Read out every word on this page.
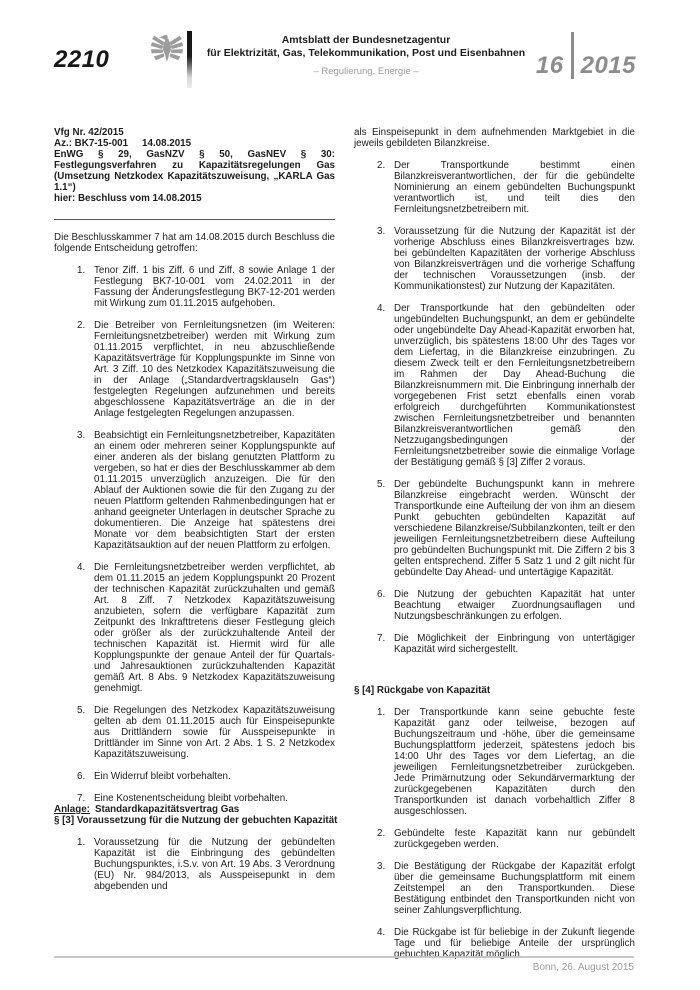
2210
Amtsblatt der Bundesnetzagentur
für Elektrizität, Gas, Telekommunikation, Post und Eisenbahnen
– Regulierung, Energie –	16 2015

Vfg Nr. 42/2015

Az.: BK7-15-001 14.08.2015

EnWG § 29, GasNZV § 50, GasNEV § 30: Festlegungsverfahren zu Kapazitätsregelungen Gas (Umsetzung Netzkodex Kapazitätszuweisung, „KARLA Gas 1.1“)

hier: Beschluss vom 14.08.2015

Die Beschlusskammer 7 hat am 14.08.2015 durch Beschluss die folgende Entscheidung getroffen:

1. Tenor Ziff. 1 bis Ziff. 6 und Ziff. 8 sowie Anlage 1 der Festlegung BK7-10-001 vom 24.02.2011 in der Fassung der Änderungsfestlegung BK7-12-201 werden mit Wirkung zum 01.11.2015 aufgehoben.
2. Die Betreiber von Fernleitungsnetzen (im Weiteren: Fernleitungsnetzbetreiber) werden mit Wirkung zum 01.11.2015 verpflichtet, in neu abzuschließende Kapazitätsverträge für Kopplungspunkte im Sinne von Art. 3 Ziff. 10 des Netzkodex Kapazitätszuweisung die in der Anlage („Standardvertragsklauseln Gas“) festgelegten Regelungen aufzunehmen und bereits abgeschlossene Kapazitätsverträge an die in der Anlage festgelegten Regelungen anzupassen.
3. Beabsichtigt ein Fernleitungsnetzbetreiber, Kapazitäten an einem oder mehreren seiner Kopplungspunkte auf einer anderen als der bislang genutzten Plattform zu vergeben, so hat er dies der Beschlusskammer ab dem 01.11.2015 unverzüglich anzuzeigen. Die für den Ablauf der Auktionen sowie die für den Zugang zu der neuen Plattform geltenden Rahmenbedingungen hat er anhand geeigneter Unterlagen in deutscher Sprache zu dokumentieren. Die Anzeige hat spätestens drei Monate vor dem beabsichtigten Start der ersten Kapazitätsauktion auf der neuen Plattform zu erfolgen.
4. Die Fernleitungsnetzbetreiber werden verpflichtet, ab dem 01.11.2015 an jedem Kopplungspunkt 20 Prozent der technischen Kapazität zurückzuhalten und gemäß Art. 8 Ziff. 7 Netzkodex Kapazitätszuweisung anzubieten, sofern die verfügbare Kapazität zum Zeitpunkt des Inkrafttretens dieser Festlegung gleich oder größer als der zurückzuhaltende Anteil der technischen Kapazität ist. Hiermit wird für alle Kopplungspunkte der genaue Anteil der für Quartals- und Jahresauktionen zurückzuhaltenden Kapazität gemäß Art. 8 Abs. 9 Netzkodex Kapazitätszuweisung genehmigt.
5. Die Regelungen des Netzkodex Kapazitätszuweisung gelten ab dem 01.11.2015 auch für Einspeisepunkte aus Drittländern sowie für Ausspeisepunkte in Drittländer im Sinne von Art. 2 Abs. 1 S. 2 Netzkodex Kapazitätszuweisung.
6. Ein Widerruf bleibt vorbehalten.
7. Eine Kostenentscheidung bleibt vorbehalten.

Anlage: Standardkapazitätsvertrag Gas

§ [3] Voraussetzung für die Nutzung der gebuchten Kapazität

1. Voraussetzung für die Nutzung der gebündelten Kapazität ist die Einbringung des gebündelten Buchungspunktes, i.S.v. von Art. 19 Abs. 3 Verordnung (EU) Nr. 984/2013, als Ausspeisepunkt in dem abgebenden und

als Einspeisepunkt in dem aufnehmenden Marktgebiet in die jeweils gebildeten Bilanzkreise.

2. Der Transportkunde bestimmt einen Bilanzkreisverantwortlichen, der für die gebündelte Nominierung an einem gebündelten Buchungspunkt verantwortlich ist, und teilt dies den Fernleitungsnetzbetreibern mit.
3. Voraussetzung für die Nutzung der Kapazität ist der vorherige Abschluss eines Bilanzkreisvertrages bzw. bei gebündelten Kapazitäten der vorherige Abschluss von Bilanzkreisverträgen und die vorherige Schaffung der technischen Voraussetzungen (insb. der Kommunikationstest) zur Nutzung der Kapazitäten.
4. Der Transportkunde hat den gebündelten oder ungebündelten Buchungspunkt, an dem er gebündelte oder ungebündelte Day Ahead-Kapazität erworben hat, unverzüglich, bis spätestens 18:00 Uhr des Tages vor dem Liefertag, in die Bilanzkreise einzubringen. Zu diesem Zweck teilt er den Fernleitungsnetzbetreibern im Rahmen der Day Ahead-Buchung die Bilanzkreisnummern mit. Die Einbringung innerhalb der vorgegebenen Frist setzt ebenfalls einen vorab erfolgreich durchgeführten Kommunikationstest zwischen Fernleitungsnetzbetreiber und benannten Bilanzkreisverantwortlichen gemäß den Netzzugangsbedingungen der Fernleitungsnetzbetreiber sowie die einmalige Vorlage der Bestätigung gemäß § [3] Ziffer 2 voraus.
5. Der gebündelte Buchungspunkt kann in mehrere Bilanzkreise eingebracht werden. Wünscht der Transportkunde eine Aufteilung der von ihm an diesem Punkt gebuchten gebündelten Kapazität auf verschiedene Bilanzkreise/Subbilanzkonten, teilt er den jeweiligen Fernleitungsnetzbetreibern diese Aufteilung pro gebündelten Buchungspunkt mit. Die Ziffern 2 bis 3 gelten entsprechend. Ziffer 5 Satz 1 und 2 gilt nicht für gebündelte Day Ahead- und untertägige Kapazität.
6. Die Nutzung der gebuchten Kapazität hat unter Beachtung etwaiger Zuordnungsauflagen und Nutzungsbeschränkungen zu erfolgen.
7. Die Möglichkeit der Einbringung von untertägiger Kapazität wird sichergestellt.

§ [4] Rückgabe von Kapazität

1. Der Transportkunde kann seine gebuchte feste Kapazität ganz oder teilweise, bezogen auf Buchungszeitraum und -höhe, über die gemeinsame Buchungsplattform jederzeit, spätestens jedoch bis 14:00 Uhr des Tages vor dem Liefertag, an die jeweiligen Fernleitungsnetzbetreiber zurückgeben. Jede Primärnutzung oder Sekundärvermarktung der zurückgegebenen Kapazitäten durch den Transportkunden ist danach vorbehaltlich Ziffer 8 ausgeschlossen.
2. Gebündelte feste Kapazität kann nur gebündelt zurückgegeben werden.
3. Die Bestätigung der Rückgabe der Kapazität erfolgt über die gemeinsame Buchungsplattform mit einem Zeitstempel an den Transportkunden. Diese Bestätigung entbindet den Transportkunden nicht von seiner Zahlungsverpflichtung.
4. Die Rückgabe ist für beliebige in der Zukunft liegende Tage und für beliebige Anteile der ursprünglich gebuchten Kapazität möglich.
Bonn, 26. August 2015
